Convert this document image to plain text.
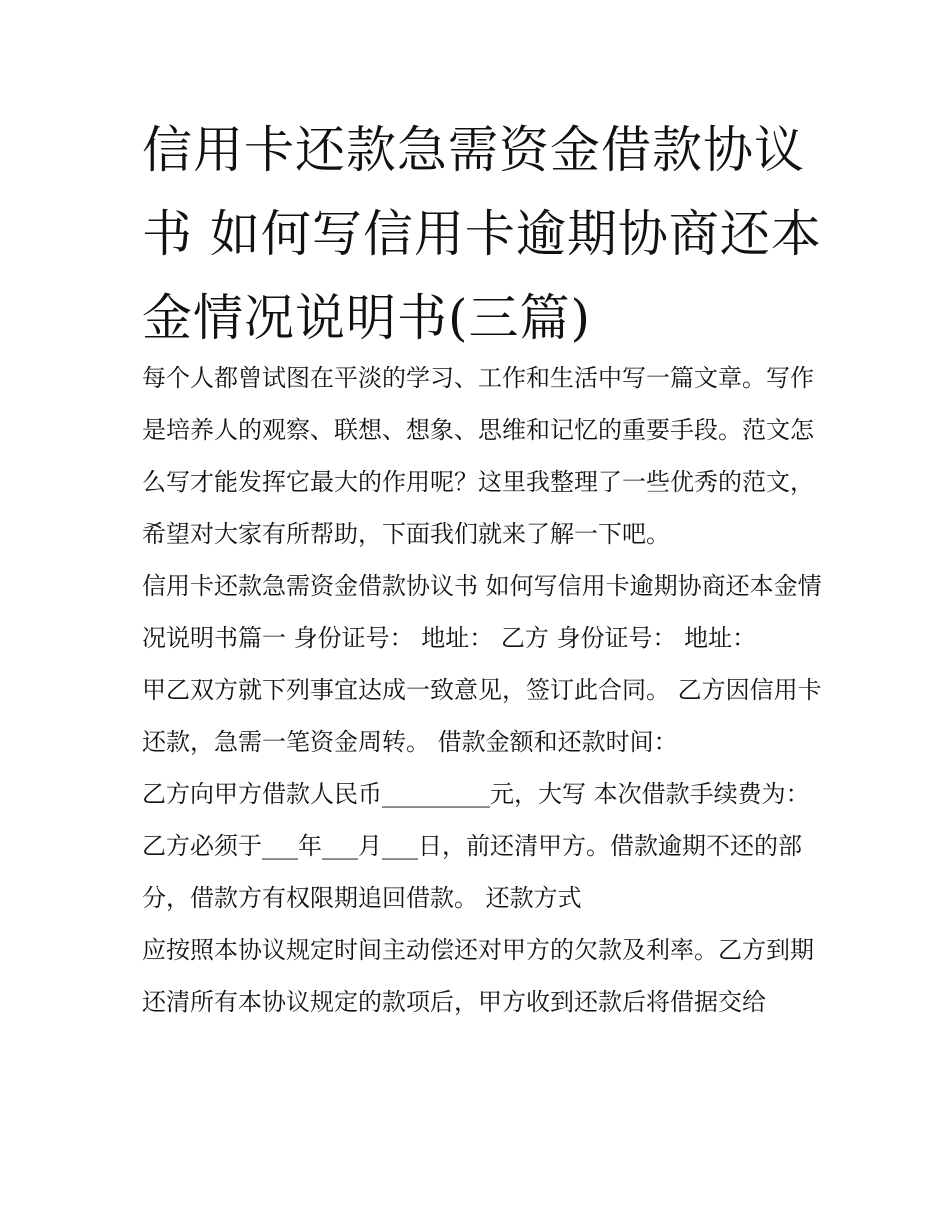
信用卡还款急需资金借款协议书 如何写信用卡逾期协商还本金情况说明书(三篇)

每个人都曾试图在平淡的学习、工作和生活中写一篇文章。写作是培养人的观察、联想、想象、思维和记忆的重要手段。范文怎么写才能发挥它最大的作用呢？这里我整理了一些优秀的范文，希望对大家有所帮助，下面我们就来了解一下吧。

信用卡还款急需资金借款协议书 如何写信用卡逾期协商还本金情况说明书篇一 身份证号： 地址： 乙方 身份证号： 地址：

甲乙双方就下列事宜达成一致意见，签订此合同。 乙方因信用卡还款，急需一笔资金周转。 借款金额和还款时间：

乙方向甲方借款人民币_________元，大写 本次借款手续费为：

乙方必须于___年___月___日，前还清甲方。借款逾期不还的部分，借款方有权限期追回借款。 还款方式

应按照本协议规定时间主动偿还对甲方的欠款及利率。乙方到期还清所有本协议规定的款项后，甲方收到还款后将借据交给
